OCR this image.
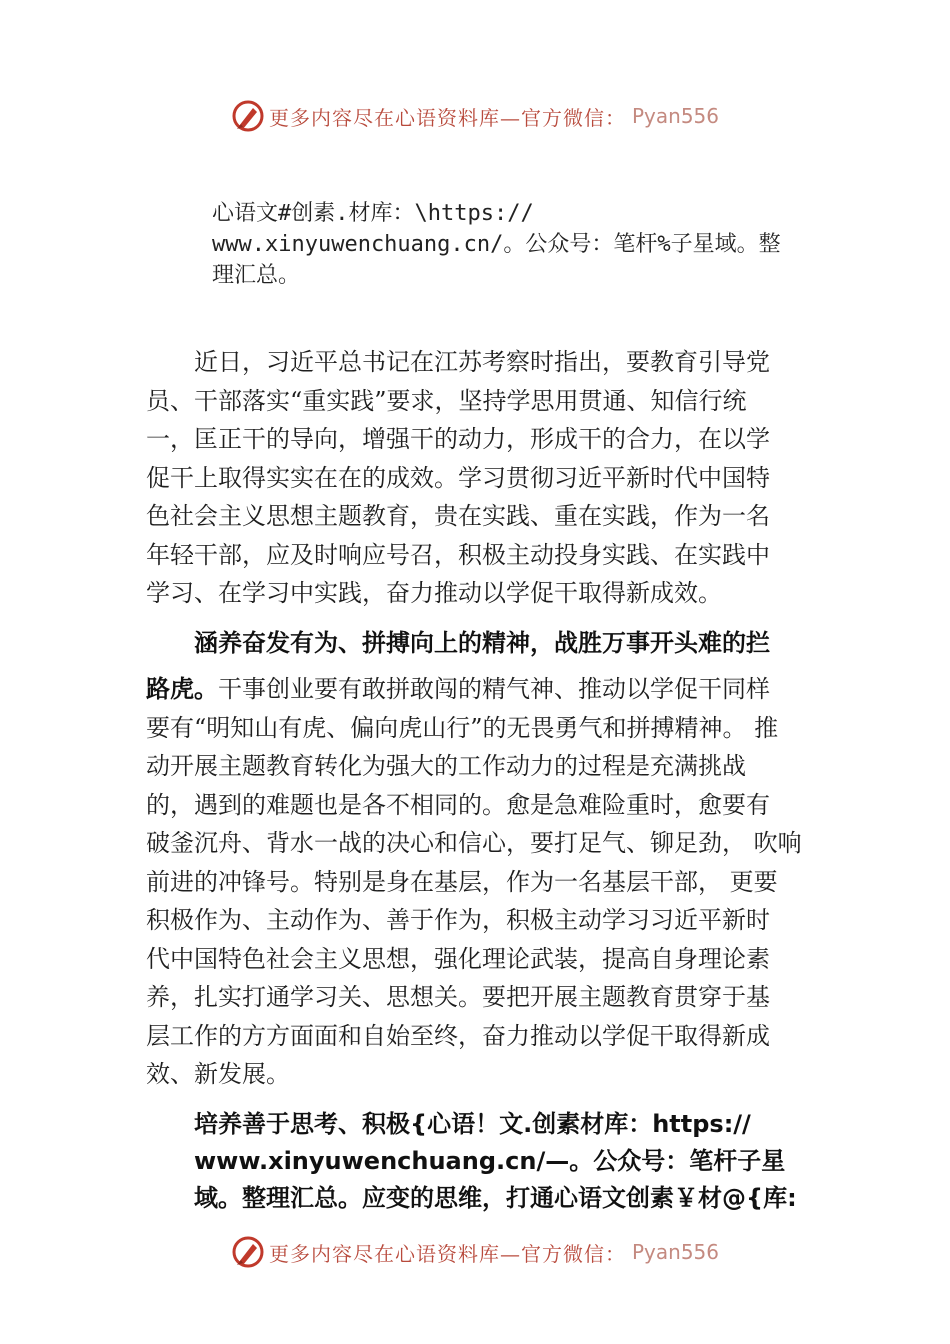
更多内容尽在心语资料库—官方微信： Pyan556
心语文#创素.材库：\https://
www.xinyuwenchuang.cn/。公众号：笔杆%子星域。整
理汇总。
近日，习近平总书记在江苏考察时指出，要教育引导党
员、干部落实“重实践”要求，坚持学思用贯通、知信行统
一，匡正干的导向，增强干的动力，形成干的合力，在以学
促干上取得实实在在的成效。学习贯彻习近平新时代中国特
色社会主义思想主题教育，贵在实践、重在实践，作为一名
年轻干部，应及时响应号召，积极主动投身实践、在实践中
学习、在学习中实践，奋力推动以学促干取得新成效。
涵养奋发有为、拼搏向上的精神，战胜万事开头难的拦
路虎。干事创业要有敢拼敢闯的精气神、推动以学促干同样
要有“明知山有虎、偏向虎山行”的无畏勇气和拼搏精神。 推
动开展主题教育转化为强大的工作动力的过程是充满挑战
的，遇到的难题也是各不相同的。愈是急难险重时，愈要有
破釜沉舟、背水一战的决心和信心，要打足气、铆足劲， 吹响
前进的冲锋号。特别是身在基层，作为一名基层干部， 更要
积极作为、主动作为、善于作为，积极主动学习习近平新时
代中国特色社会主义思想，强化理论武装，提高自身理论素
养，扎实打通学习关、思想关。要把开展主题教育贯穿于基
层工作的方方面面和自始至终，奋力推动以学促干取得新成
效、新发展。
培养善于思考、积极{心语！文.创素材库：https://
www.xinyuwenchuang.cn/—。公众号：笔杆子星
域。整理汇总。应变的思维，打通心语文创素￥材@{库:
更多内容尽在心语资料库—官方微信： Pyan556
